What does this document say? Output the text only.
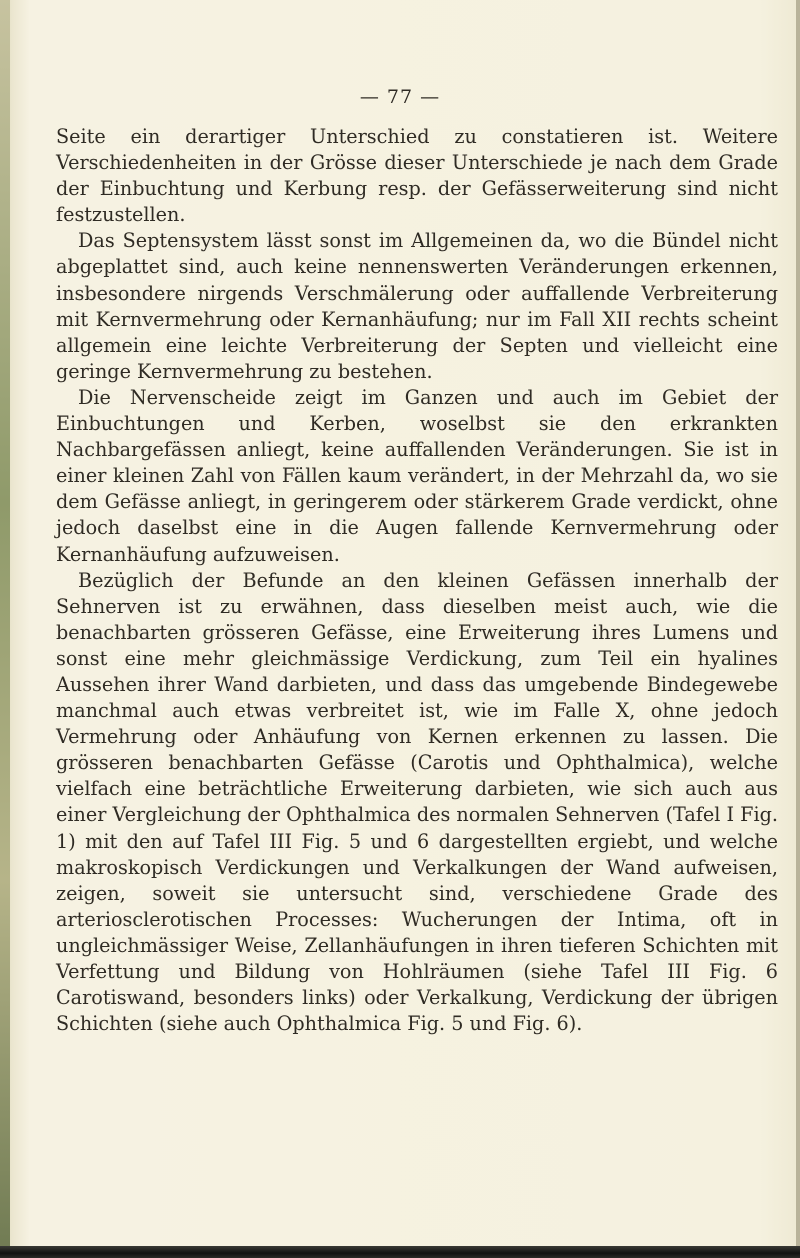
— 77 —

Seite ein derartiger Unterschied zu constatieren ist. Weitere Verschiedenheiten in der Grösse dieser Unterschiede je nach dem Grade der Einbuchtung und Kerbung resp. der Gefässerweiterung sind nicht festzustellen.

Das Septensystem lässt sonst im Allgemeinen da, wo die Bündel nicht abgeplattet sind, auch keine nennenswerten Veränderungen erkennen, insbesondere nirgends Verschmälerung oder auffallende Verbreiterung mit Kernvermehrung oder Kernanhäufung; nur im Fall XII rechts scheint allgemein eine leichte Verbreiterung der Septen und vielleicht eine geringe Kernvermehrung zu bestehen.

Die Nervenscheide zeigt im Ganzen und auch im Gebiet der Einbuchtungen und Kerben, woselbst sie den erkrankten Nachbargefässen anliegt, keine auffallenden Veränderungen. Sie ist in einer kleinen Zahl von Fällen kaum verändert, in der Mehrzahl da, wo sie dem Gefässe anliegt, in geringerem oder stärkerem Grade verdickt, ohne jedoch daselbst eine in die Augen fallende Kernvermehrung oder Kernanhäufung aufzuweisen.

Bezüglich der Befunde an den kleinen Gefässen innerhalb der Sehnerven ist zu erwähnen, dass dieselben meist auch, wie die benachbarten grösseren Gefässe, eine Erweiterung ihres Lumens und sonst eine mehr gleichmässige Verdickung, zum Teil ein hyalines Aussehen ihrer Wand darbieten, und dass das umgebende Bindegewebe manchmal auch etwas verbreitet ist, wie im Falle X, ohne jedoch Vermehrung oder Anhäufung von Kernen erkennen zu lassen. Die grösseren benachbarten Gefässe (Carotis und Ophthalmica), welche vielfach eine beträchtliche Erweiterung darbieten, wie sich auch aus einer Vergleichung der Ophthalmica des normalen Sehnerven (Tafel I Fig. 1) mit den auf Tafel III Fig. 5 und 6 dargestellten ergiebt, und welche makroskopisch Verdickungen und Verkalkungen der Wand aufweisen, zeigen, soweit sie untersucht sind, verschiedene Grade des arteriosclerotischen Processes: Wucherungen der Intima, oft in ungleichmässiger Weise, Zellanhäufungen in ihren tieferen Schichten mit Verfettung und Bildung von Hohlräumen (siehe Tafel III Fig. 6 Carotiswand, besonders links) oder Verkalkung, Verdickung der übrigen Schichten (siehe auch Ophthalmica Fig. 5 und Fig. 6).
